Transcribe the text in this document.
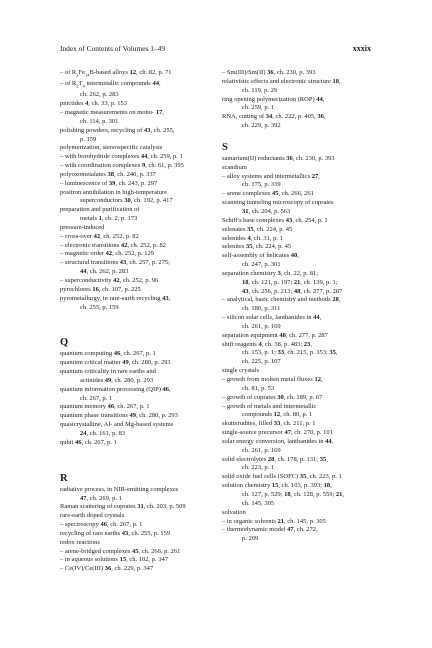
Index of Contents of Volumes 1–49	xxxix
– of $R_2Fe_{14}B$-based alloys 12, ch. 82, p. 71
– of $R_2T_4$ intermetallic compounds 44,
ch. 262, p. 283
pnictides 4, ch. 33, p. 153
– magnetic measurements on mono- 17,
ch. 114, p. 301
polishing powders, recycling of 43, ch. 255,
p. 159
polymerization, stereospecific catalysis
– with borohydride complexes 44, ch. 259, p. 1
– with coordination complexes 9, ch. 61, p. 395
polyoxometalates 38, ch. 240, p. 337
– luminescence of 39, ch. 243, p. 297
positron annihilation in high-temperature
superconductors 30, ch. 192, p. 417
preparation and purification of
metals 1, ch. 2, p. 173
pressure-induced
– cross-over 42, ch. 252, p. 82
– electronic transitions 42, ch. 252, p. 82
– magnetic order 42, ch. 252, p. 129
– structural transitions 43, ch. 257, p. 275;
44, ch. 262, p. 283
– superconductivity 42, ch. 252, p. 96
pyrochlores 16, ch. 107, p. 225
pyrometallurgy, in rare-earth recycling 43,
ch. 255, p. 159
Q
quantum computing 46, ch. 267, p. 1
quantum critical matter 49, ch. 280, p. 293
quantum criticality in rare earths and
actinides 49, ch. 280, p. 293
quantum information processing (QIP) 46,
ch. 267, p. 1
quantum memory 46, ch. 267, p. 1
quantum phase transitions 49, ch. 280, p. 293
quasicrystalline, Al- and Mg-based systems
24, ch. 161, p. 83
qubit 46, ch. 267, p. 1
R
radiative process, in NIR-emitting complexes
47, ch. 269, p. 1
Raman scattering of cuprates 31, ch. 203, p. 509
rare-earth doped crystals
– spectroscopy 46, ch. 267, p. 1
recycling of rare earths 43, ch. 255, p. 159
redox reactions
– arene-bridged complexes 45, ch. 266, p. 261
– in aqueous solutions 15, ch. 102, p. 347
– Ce(IV)/Ce(III) 36, ch. 229, p. 347
– Sm(III)/Sm(II) 36, ch. 230, p. 393
relativistic effects and electronic structure 18,
ch. 119, p. 29
ring opening polymerization (ROP) 44,
ch. 259, p. 1
RNA, cutting of 34, ch. 222, p. 405, 36,
ch. 229, p. 392
S
samarium(II) reductants 36, ch. 230, p. 393
scandium
– alloy systems and intermetallics 27,
ch. 175, p. 339
– arene complexes 45, ch. 266, 261
scanning tunneling microscopy of cuprates
31, ch. 204, p. 563
Schiff's base complexes 43, ch. 254, p. 1
selenates 35, ch. 224, p. 45
selenides 4, ch. 31, p. 1
selenites 35, ch. 224, p. 45
self-assembly of helicates 40,
ch. 247, p. 301
separation chemistry 3, ch. 22, p. 81;
18, ch. 121, p. 197; 21, ch. 139, p. 1;
43, ch. 256, p. 213; 48, ch. 277, p. 287
– analytical, basic chemistry and methods 28,
ch. 180, p. 311
– silicon solar cells, lanthanides in 44,
ch. 261, p. 169
separation equipment 48, ch. 277, p. 287
shift reagents 4, ch. 38, p. 483; 23,
ch. 153, p. 1; 33, ch. 215, p. 353; 35,
ch. 225, p. 107
single crystals
– growth from molten metal fluxes 12,
ch. 81, p. 53
– growth of cuprates 30, ch. 189, p. 67
– growth of metals and intermetallic
compounds 12, ch. 80, p. 1
skutterudites, filled 33, ch. 211, p. 1
single-source precursor 47, ch. 270, p. 101
solar energy conversion, lanthanides in 44,
ch. 261, p. 169
solid electrolytes 28, ch. 178, p. 131; 35,
ch. 223, p. 1
solid oxide fuel cells (SOFC) 35, ch. 223, p. 1
solution chemistry 15, ch. 103, p. 393; 18,
ch. 127, p. 529; 18, ch. 128, p. 559; 21,
ch. 145, 305
solvation
– in organic solvents 21, ch. 145, p. 305
– thermodynamic model 47, ch. 272,
p. 209
